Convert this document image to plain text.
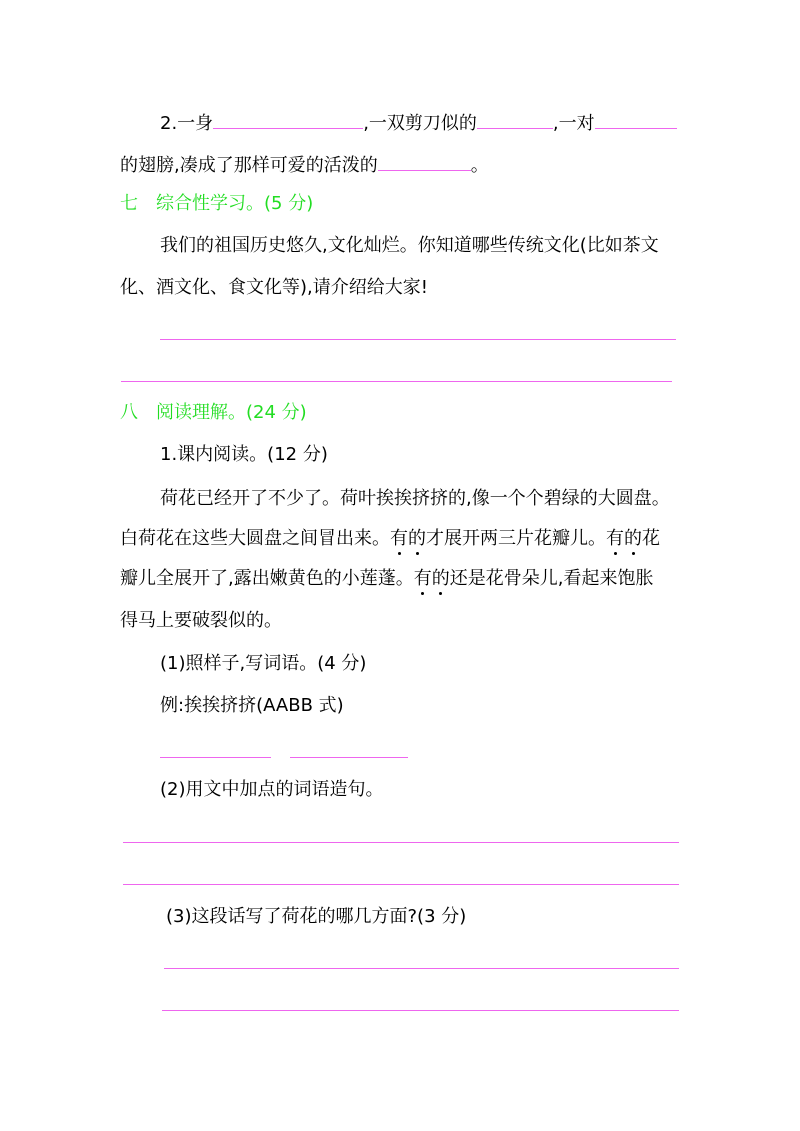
2.一身	,一双剪刀似的	,一对
的翅膀,凑成了那样可爱的活泼的	。
七　综合性学习。(5 分)
我们的祖国历史悠久,文化灿烂。你知道哪些传统文化(比如茶文
化、酒文化、食文化等),请介绍给大家!
八　阅读理解。(24 分)
1.课内阅读。(12 分)
荷花已经开了不少了。荷叶挨挨挤挤的,像一个个碧绿的大圆盘。
白荷花在这些大圆盘之间冒出来。有的才展开两三片花瓣儿。有的花
瓣儿全展开了,露出嫩黄色的小莲蓬。有的还是花骨朵儿,看起来饱胀
得马上要破裂似的。
(1)照样子,写词语。(4 分)
例:挨挨挤挤(AABB 式)
(2)用文中加点的词语造句。
(3)这段话写了荷花的哪几方面?(3 分)
